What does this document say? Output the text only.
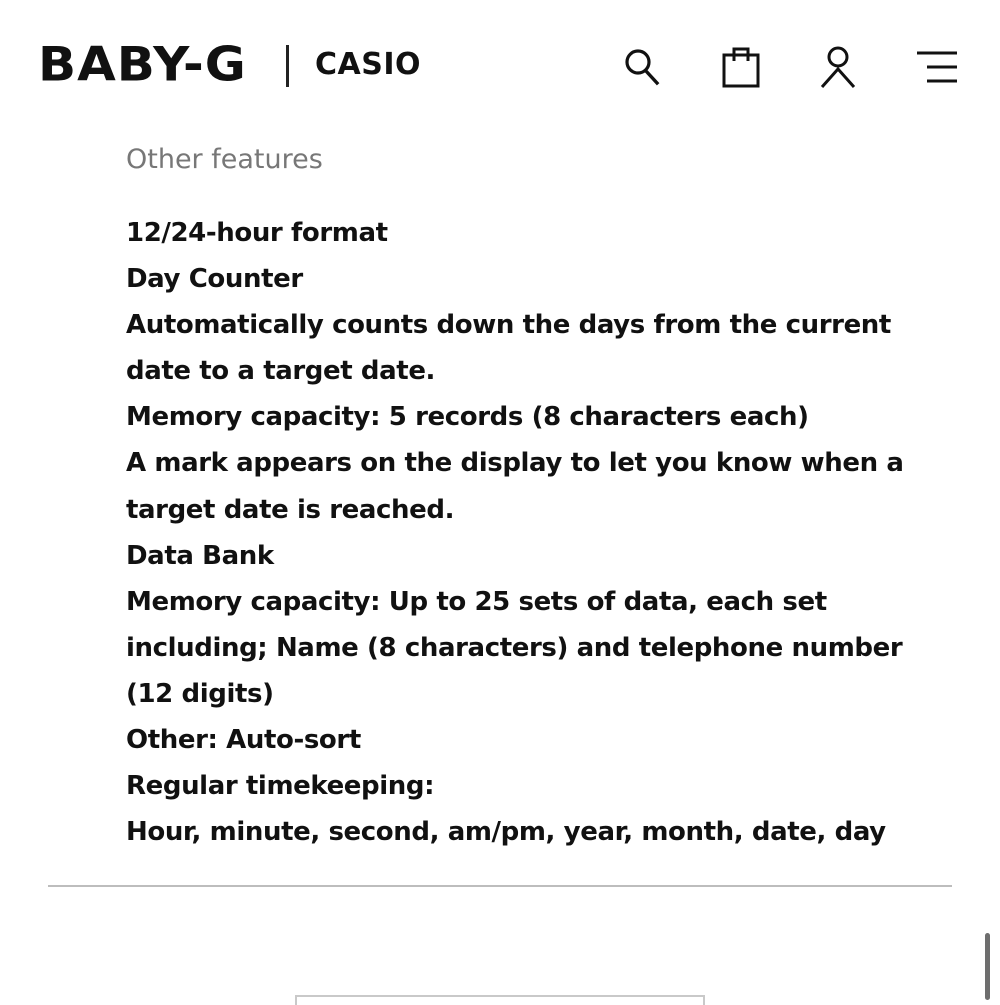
BABY-G CASIO
Other features
12/24-hour format
Day Counter
Automatically counts down the days from the current
date to a target date.
Memory capacity: 5 records (8 characters each)
A mark appears on the display to let you know when a
target date is reached.
Data Bank
Memory capacity: Up to 25 sets of data, each set
including; Name (8 characters) and telephone number
(12 digits)
Other: Auto-sort
Regular timekeeping:
Hour, minute, second, am/pm, year, month, date, day
